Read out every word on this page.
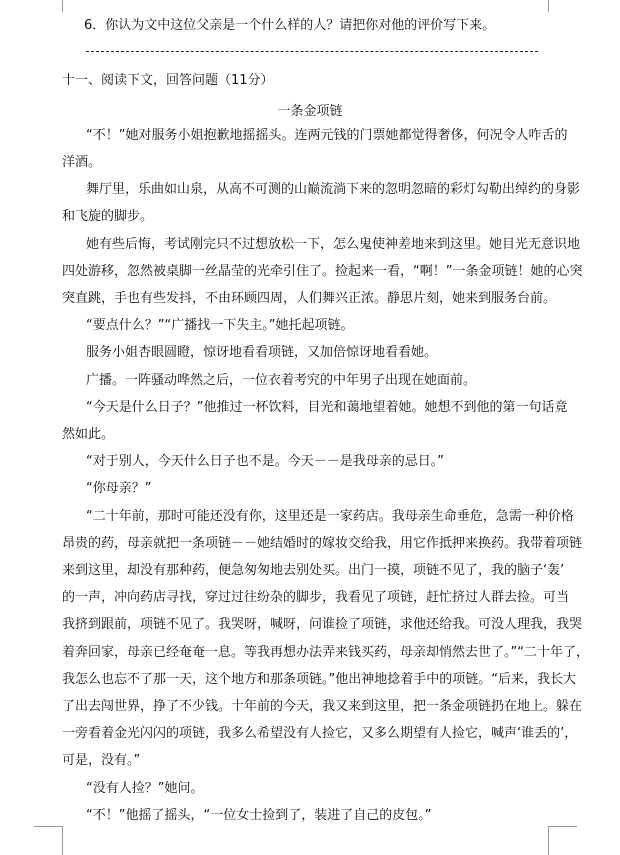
6．你认为文中这位父亲是一个什么样的人？请把你对他的评价写下来。
十一、阅读下文，回答问题（11分）
一条金项链
“不！”她对服务小姐抱歉地摇摇头。连两元钱的门票她都觉得奢侈，何况令人咋舌的
洋酒。
舞厅里，乐曲如山泉，从高不可测的山巅流淌下来的忽明忽暗的彩灯勾勒出绰约的身影
和飞旋的脚步。
她有些后悔，考试刚完只不过想放松一下，怎么鬼使神差地来到这里。她目光无意识地
四处游移，忽然被桌脚一丝晶莹的光牵引住了。捡起来一看，“啊！”一条金项链！她的心突
突直跳，手也有些发抖，不由环顾四周，人们舞兴正浓。静思片刻，她来到服务台前。
“要点什么？”“广播找一下失主。”她托起项链。
服务小姐杏眼圆瞪，惊讶地看看项链，又加倍惊讶地看看她。
广播。一阵骚动哗然之后，一位衣着考究的中年男子出现在她面前。
“今天是什么日子？”他推过一杯饮料，目光和蔼地望着她。她想不到他的第一句话竟
然如此。
“对于别人，今天什么日子也不是。今天－－是我母亲的忌日。”
“你母亲？”
“二十年前，那时可能还没有你，这里还是一家药店。我母亲生命垂危，急需一种价格
昂贵的药，母亲就把一条项链－－她结婚时的嫁妆交给我，用它作抵押来换药。我带着项链
来到这里，却没有那种药，便急匆匆地去别处买。出门一摸，项链不见了，我的脑子‘轰’
的一声，冲向药店寻找，穿过过往纷杂的脚步，我看见了项链，赶忙挤过人群去捡。可当
我挤到跟前，项链不见了。我哭呀，喊呀，问谁捡了项链，求他还给我。可没人理我，我哭
着奔回家，母亲已经奄奄一息。等我再想办法弄来钱买药，母亲却悄然去世了。”“二十年了，
我怎么也忘不了那一天，这个地方和那条项链。”他出神地捻着手中的项链。“后来，我长大
了出去闯世界，挣了不少钱。十年前的今天，我又来到这里，把一条金项链扔在地上。躲在
一旁看着金光闪闪的项链，我多么希望没有人捡它，又多么期望有人捡它，喊声‘谁丢的’，
可是，没有。”
“没有人捡？”她问。
“不！”他摇了摇头，“一位女士捡到了，装进了自己的皮包。”
